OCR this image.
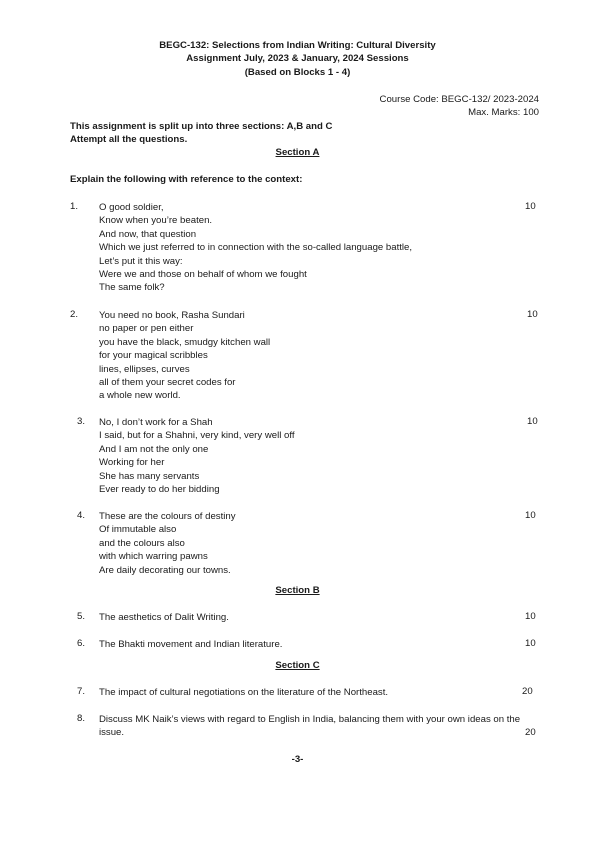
BEGC-132: Selections from Indian Writing: Cultural Diversity
Assignment July, 2023 & January, 2024 Sessions
(Based on Blocks 1 - 4)
Course Code: BEGC-132/ 2023-2024
Max. Marks: 100
This assignment is split up into three sections: A,B and C
Attempt all the questions.
Section A
Explain the following with reference to the context:
1. O good soldier,
Know when you’re beaten.
And now, that question
Which we just referred to in connection with the so-called language battle,
Let’s put it this way:
Were we and those on behalf of whom we fought
The same folk?
10
2. You need no book, Rasha Sundari
no paper or pen either
you have the black, smudgy kitchen wall
for your magical scribbles
lines, ellipses, curves
all of them your secret codes for
a whole new world.
10
3. No, I don’t work for a Shah
I said, but for a Shahni, very kind, very well off
And I am not the only one
Working for her
She has many servants
Ever ready to do her bidding
10
4. These are the colours of destiny
Of immutable also
and the colours also
with which warring pawns
Are daily decorating our towns.
10
Section B
5. The aesthetics of Dalit Writing.	10
6. The Bhakti movement and Indian literature.	10
Section C
7. The impact of cultural negotiations on the literature of the Northeast.	20
8. Discuss MK Naik’s views with regard to English in India, balancing them with your own ideas on the issue.	20
-3-
